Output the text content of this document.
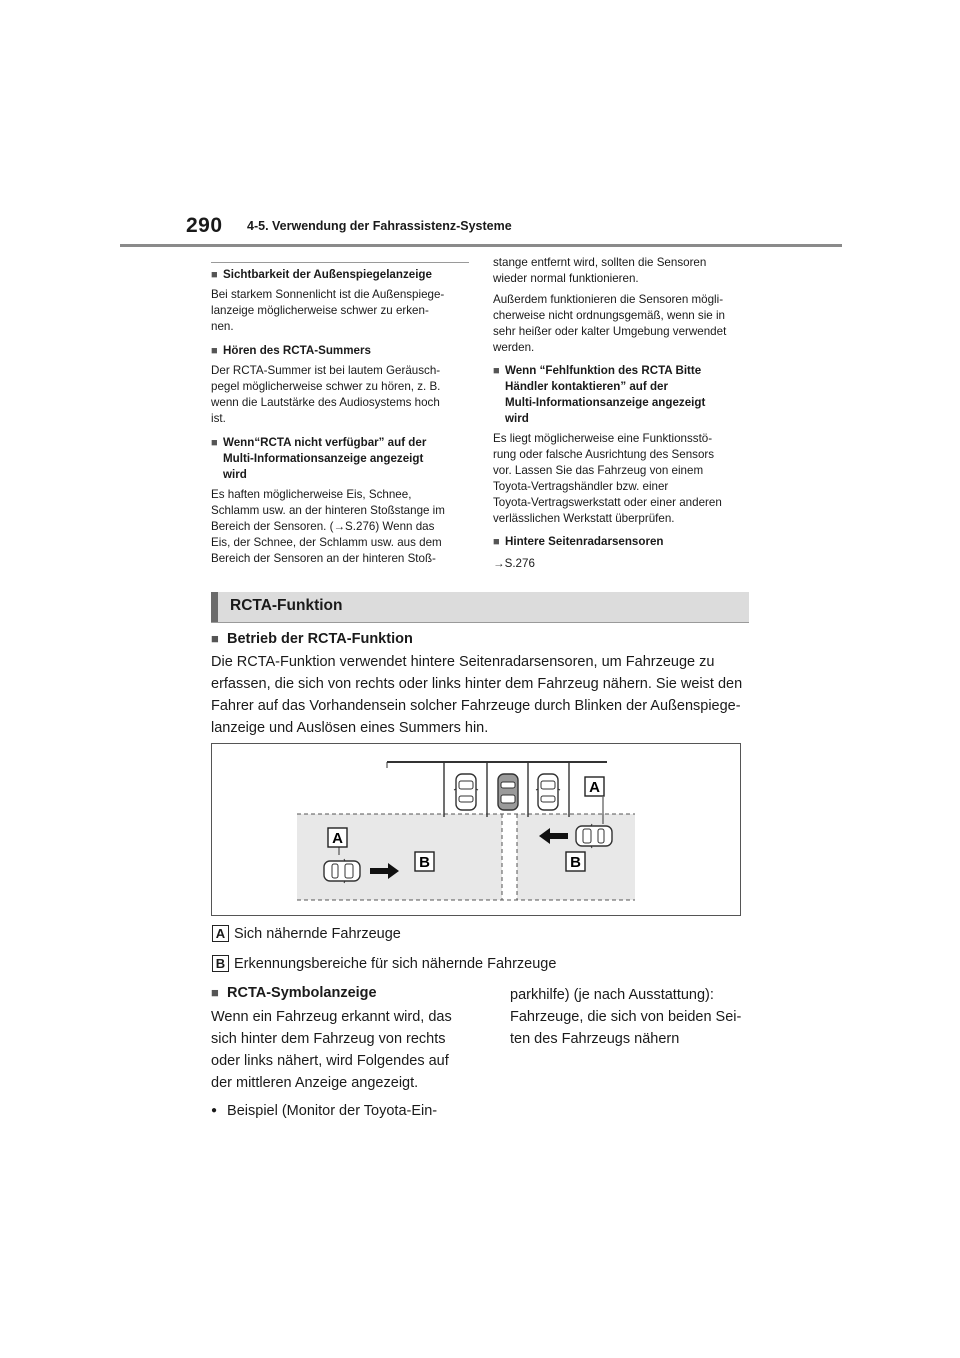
290 4-5. Verwendung der Fahrassistenz-Systeme
■ Sichtbarkeit der Außenspiegelanzeige
Bei starkem Sonnenlicht ist die Außenspiege-
lanzeige möglicherweise schwer zu erken-
nen.
■ Hören des RCTA-Summers
Der RCTA-Summer ist bei lautem Geräusch-
pegel möglicherweise schwer zu hören, z. B.
wenn die Lautstärke des Audiosystems hoch
ist.
■ Wenn“RCTA nicht verfügbar” auf der
Multi-Informationsanzeige angezeigt
wird
Es haften möglicherweise Eis, Schnee,
Schlamm usw. an der hinteren Stoßstange im
Bereich der Sensoren. (→S.276) Wenn das
Eis, der Schnee, der Schlamm usw. aus dem
Bereich der Sensoren an der hinteren Stoß-
stange entfernt wird, sollten die Sensoren
wieder normal funktionieren.
Außerdem funktionieren die Sensoren mögli-
cherweise nicht ordnungsgemäß, wenn sie in
sehr heißer oder kalter Umgebung verwendet
werden.
■ Wenn “Fehlfunktion des RCTA Bitte
Händler kontaktieren” auf der
Multi-Informationsanzeige angezeigt
wird
Es liegt möglicherweise eine Funktionsstö-
rung oder falsche Ausrichtung des Sensors
vor. Lassen Sie das Fahrzeug von einem
Toyota-Vertragshändler bzw. einer
Toyota-Vertragswerkstatt oder einer anderen
verlässlichen Werkstatt überprüfen.
■ Hintere Seitenradarsensoren
→S.276
RCTA-Funktion
■ Betrieb der RCTA-Funktion
Die RCTA-Funktion verwendet hintere Seitenradarsensoren, um Fahrzeuge zu
erfassen, die sich von rechts oder links hinter dem Fahrzeug nähern. Sie weist den
Fahrer auf das Vorhandensein solcher Fahrzeuge durch Blinken der Außenspiege-
lanzeige und Auslösen eines Summers hin.
A
A
B	B
A Sich nähernde Fahrzeuge
B Erkennungsbereiche für sich nähernde Fahrzeuge
■ RCTA-Symbolanzeige
Wenn ein Fahrzeug erkannt wird, das
sich hinter dem Fahrzeug von rechts
oder links nähert, wird Folgendes auf
der mittleren Anzeige angezeigt.
● Beispiel (Monitor der Toyota-Ein-
parkhilfe) (je nach Ausstattung):
Fahrzeuge, die sich von beiden Sei-
ten des Fahrzeugs nähern
